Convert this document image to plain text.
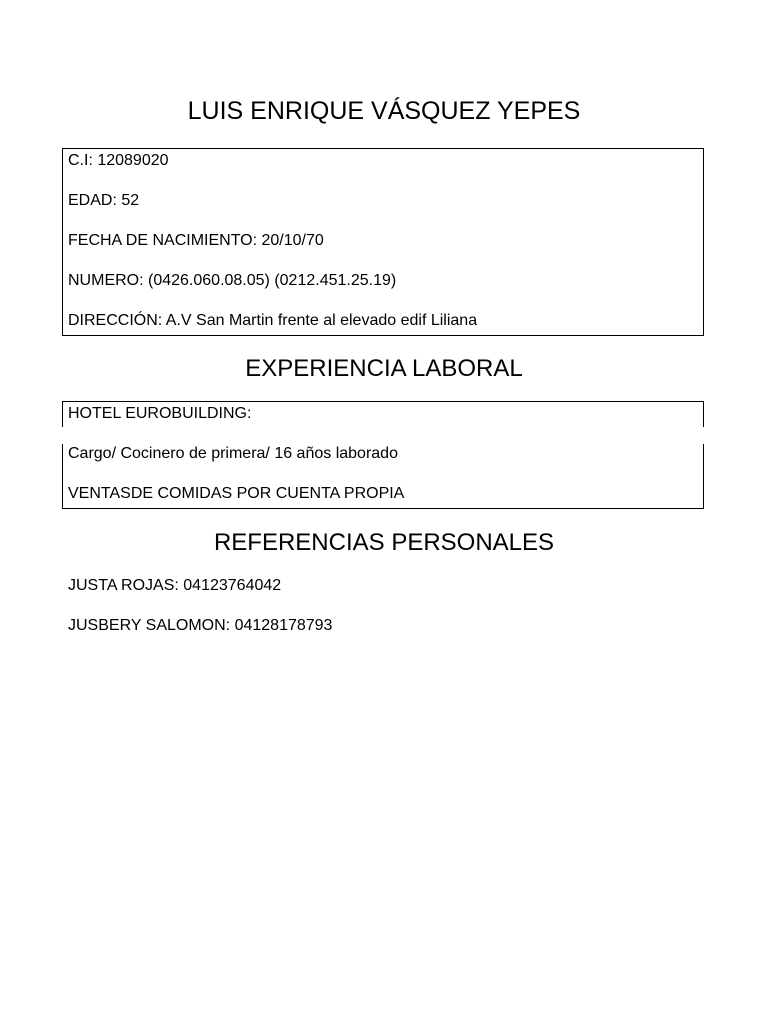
LUIS ENRIQUE VÁSQUEZ YEPES
C.I: 12089020
EDAD: 52
FECHA DE NACIMIENTO: 20/10/70
NUMERO: (0426.060.08.05) (0212.451.25.19)
DIRECCIÓN: A.V San Martin frente al elevado edif Liliana
EXPERIENCIA LABORAL
HOTEL EUROBUILDING:
Cargo/ Cocinero de primera/ 16 años laborado
VENTASDE COMIDAS POR CUENTA PROPIA
REFERENCIAS PERSONALES
JUSTA ROJAS: 04123764042
JUSBERY SALOMON: 04128178793
